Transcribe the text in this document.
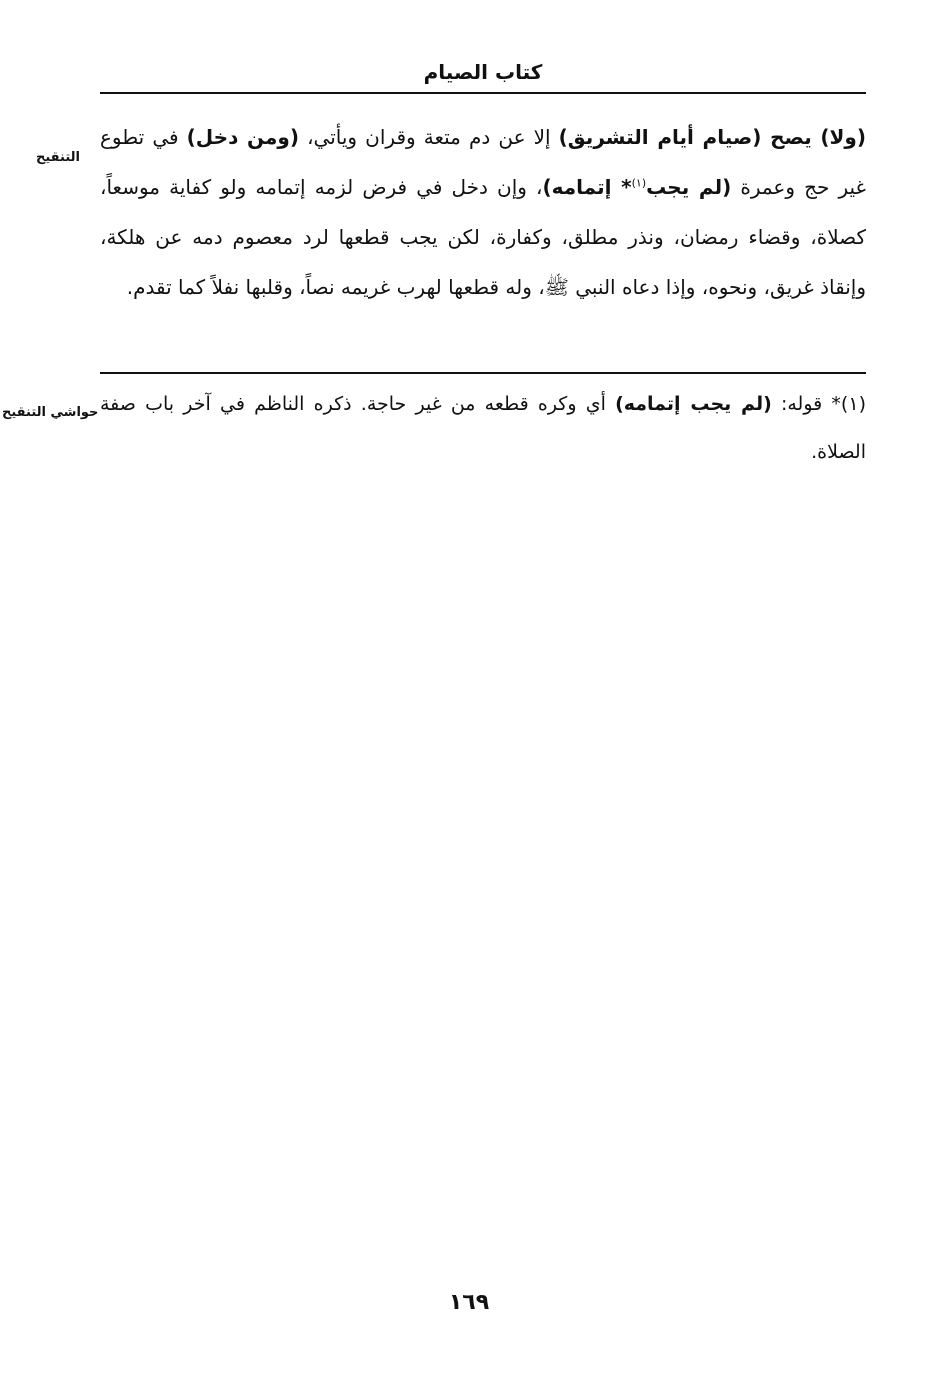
كتاب الصيام
التنقيح
(ولا) يصح (صيام أيام التشريق) إلا عن دم متعة وقران ويأتي، (ومن دخل) في تطوع غير حج وعمرة (لم يجب$^{(١)}$* إتمامه)، وإن دخل في فرض لزمه إتمامه ولو كفاية موسعاً، كصلاة، وقضاء رمضان، ونذر مطلق، وكفارة، لكن يجب قطعها لرد معصوم دمه عن هلكة، وإنقاذ غريق، ونحوه، وإذا دعاه النبي ﷺ، وله قطعها لهرب غريمه نصاً، وقلبها نفلاً كما تقدم.
حواشي التنقيح	(١)* قوله: (لم يجب إتمامه) أي وكره قطعه من غير حاجة. ذكره الناظم في آخر باب صفة الصلاة.
١٦٩
